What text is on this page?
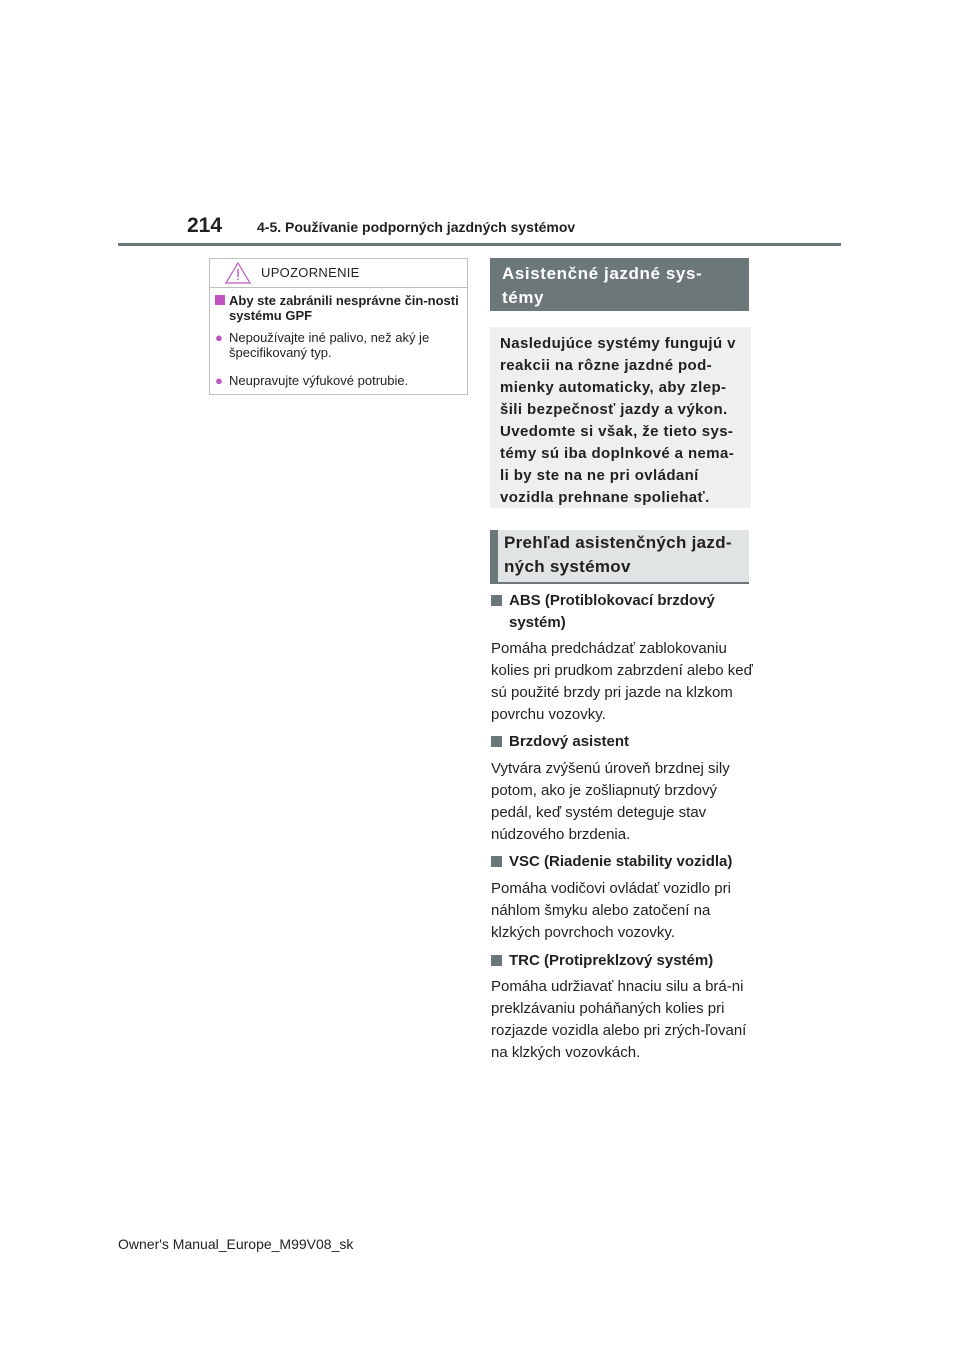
214 4-5. Používanie podporných jazdných systémov
UPOZORNENIE
Aby ste zabránili nesprávne čin-nosti systému GPF
● Nepoužívajte iné palivo, než aký je špecifikovaný typ.
● Neupravujte výfukové potrubie.
Asistenčné jazdné sys-témy
Nasledujúce systémy fungujú v reakcii na rôzne jazdné pod-mienky automaticky, aby zlep-šili bezpečnosť jazdy a výkon. Uvedomte si však, že tieto sys-témy sú iba doplnkové a nema-li by ste na ne pri ovládaní vozidla prehnane spoliehať.
Prehľad asistenčných jazd-ných systémov
ABS (Protiblokovací brzdový systém)
Pomáha predchádzať zablokovaniu kolies pri prudkom zabrzdení alebo keď sú použité brzdy pri jazde na klzkom povrchu vozovky.
Brzdový asistent
Vytvára zvýšenú úroveň brzdnej sily potom, ako je zošliapnutý brzdový pedál, keď systém deteguje stav núdzového brzdenia.
VSC (Riadenie stability vozidla)
Pomáha vodičovi ovládať vozidlo pri náhlom šmyku alebo zatočení na klzkých povrchoch vozovky.
TRC (Protipreklzový systém)
Pomáha udržiavať hnaciu silu a brá-ni preklzávaniu poháňaných kolies pri rozjazde vozidla alebo pri zrých-ľovaní na klzkých vozovkách.
Owner's Manual_Europe_M99V08_sk
